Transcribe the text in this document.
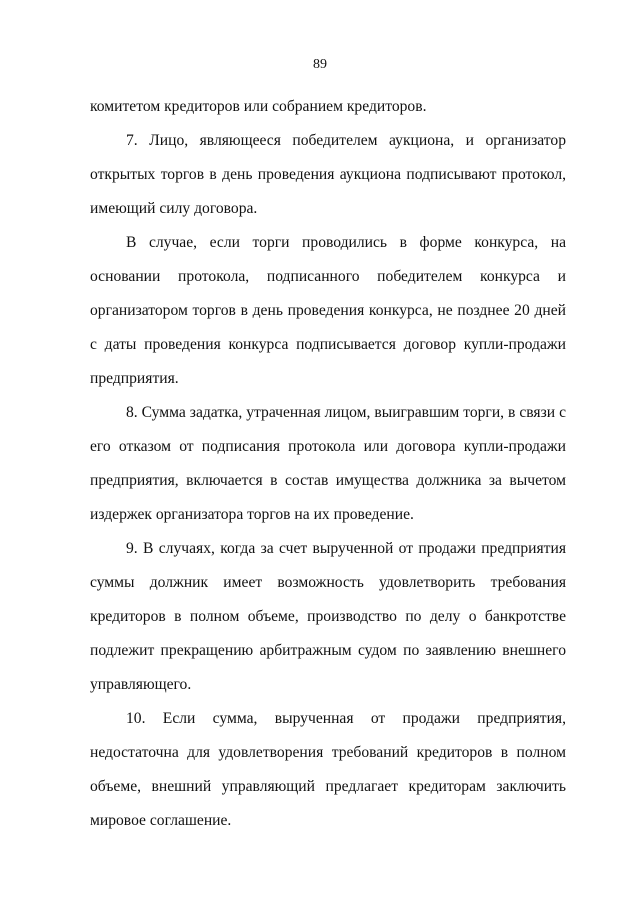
89

комитетом кредиторов или собранием кредиторов.

7. Лицо, являющееся победителем аукциона, и организатор открытых торгов в день проведения аукциона подписывают протокол, имеющий силу договора.

В случае, если торги проводились в форме конкурса, на основании протокола, подписанного победителем конкурса и организатором торгов в день проведения конкурса, не позднее 20 дней с даты проведения конкурса подписывается договор купли-продажи предприятия.

8. Сумма задатка, утраченная лицом, выигравшим торги, в связи с его отказом от подписания протокола или договора купли-продажи предприятия, включается в состав имущества должника за вычетом издержек организатора торгов на их проведение.

9. В случаях, когда за счет вырученной от продажи предприятия суммы должник имеет возможность удовлетворить требования кредиторов в полном объеме, производство по делу о банкротстве подлежит прекращению арбитражным судом по заявлению внешнего управляющего.

10. Если сумма, вырученная от продажи предприятия, недостаточна для удовлетворения требований кредиторов в полном объеме, внешний управляющий предлагает кредиторам заключить мировое соглашение.
